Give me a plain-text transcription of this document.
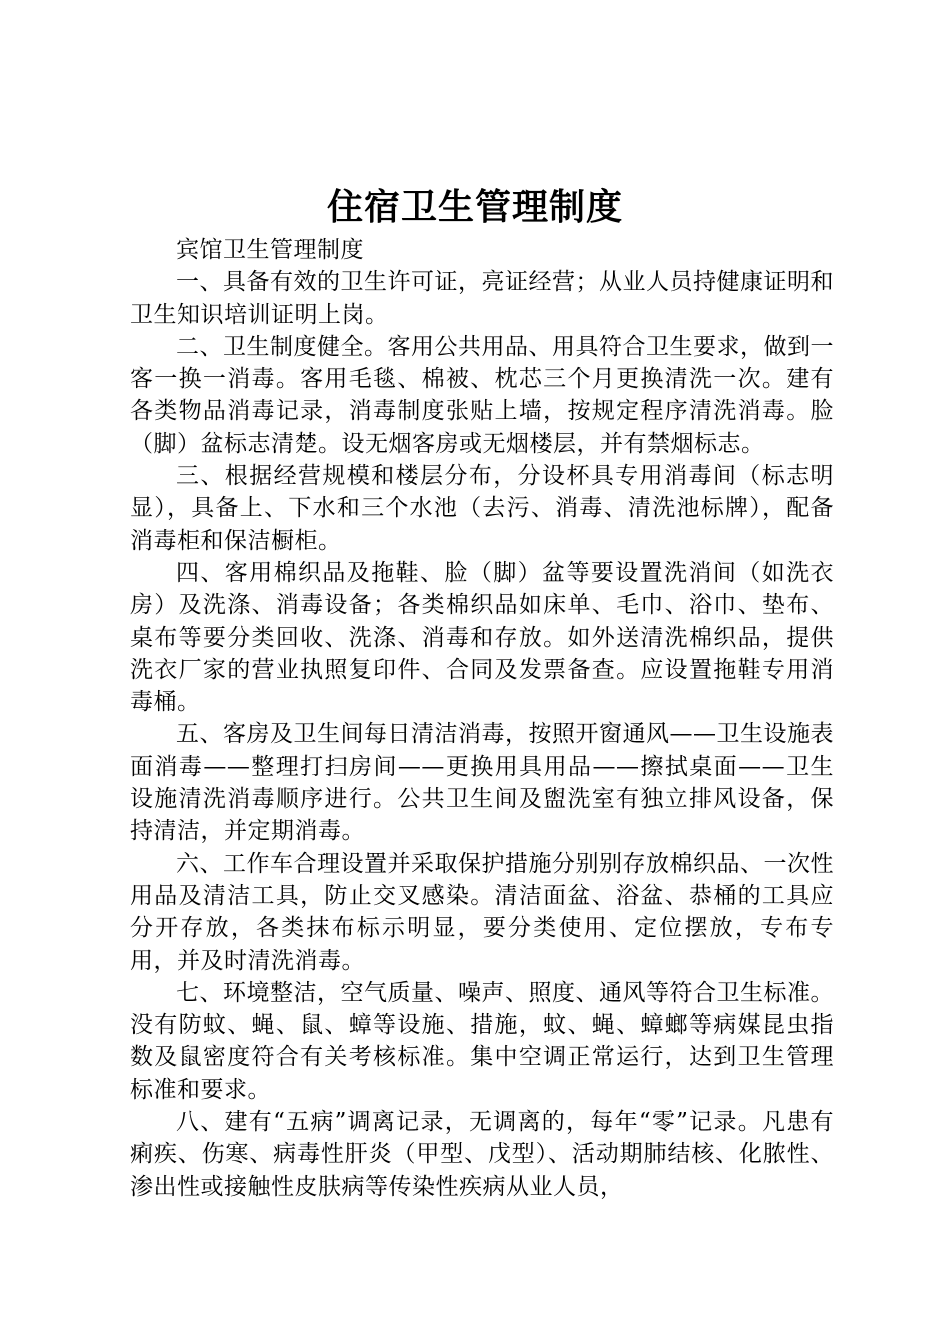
住宿卫生管理制度

宾馆卫生管理制度

一、具备有效的卫生许可证，亮证经营；从业人员持健康证明和卫生知识培训证明上岗。

二、卫生制度健全。客用公共用品、用具符合卫生要求，做到一客一换一消毒。客用毛毯、棉被、枕芯三个月更换清洗一次。建有各类物品消毒记录，消毒制度张贴上墙，按规定程序清洗消毒。脸（脚）盆标志清楚。设无烟客房或无烟楼层，并有禁烟标志。

三、根据经营规模和楼层分布，分设杯具专用消毒间（标志明显），具备上、下水和三个水池（去污、消毒、清洗池标牌），配备消毒柜和保洁橱柜。

四、客用棉织品及拖鞋、脸（脚）盆等要设置洗消间（如洗衣房）及洗涤、消毒设备；各类棉织品如床单、毛巾、浴巾、垫布、桌布等要分类回收、洗涤、消毒和存放。如外送清洗棉织品，提供洗衣厂家的营业执照复印件、合同及发票备查。应设置拖鞋专用消毒桶。

五、客房及卫生间每日清洁消毒，按照开窗通风——卫生设施表面消毒——整理打扫房间——更换用具用品——擦拭桌面——卫生设施清洗消毒顺序进行。公共卫生间及盥洗室有独立排风设备，保持清洁，并定期消毒。

六、工作车合理设置并采取保护措施分别别存放棉织品、一次性用品及清洁工具，防止交叉感染。清洁面盆、浴盆、恭桶的工具应分开存放，各类抹布标示明显，要分类使用、定位摆放，专布专用，并及时清洗消毒。

七、环境整洁，空气质量、噪声、照度、通风等符合卫生标准。没有防蚊、蝇、鼠、蟑等设施、措施，蚊、蝇、蟑螂等病媒昆虫指数及鼠密度符合有关考核标准。集中空调正常运行，达到卫生管理标准和要求。

八、建有“五病”调离记录，无调离的，每年“零”记录。凡患有痢疾、伤寒、病毒性肝炎（甲型、戊型）、活动期肺结核、化脓性、渗出性或接触性皮肤病等传染性疾病从业人员，
